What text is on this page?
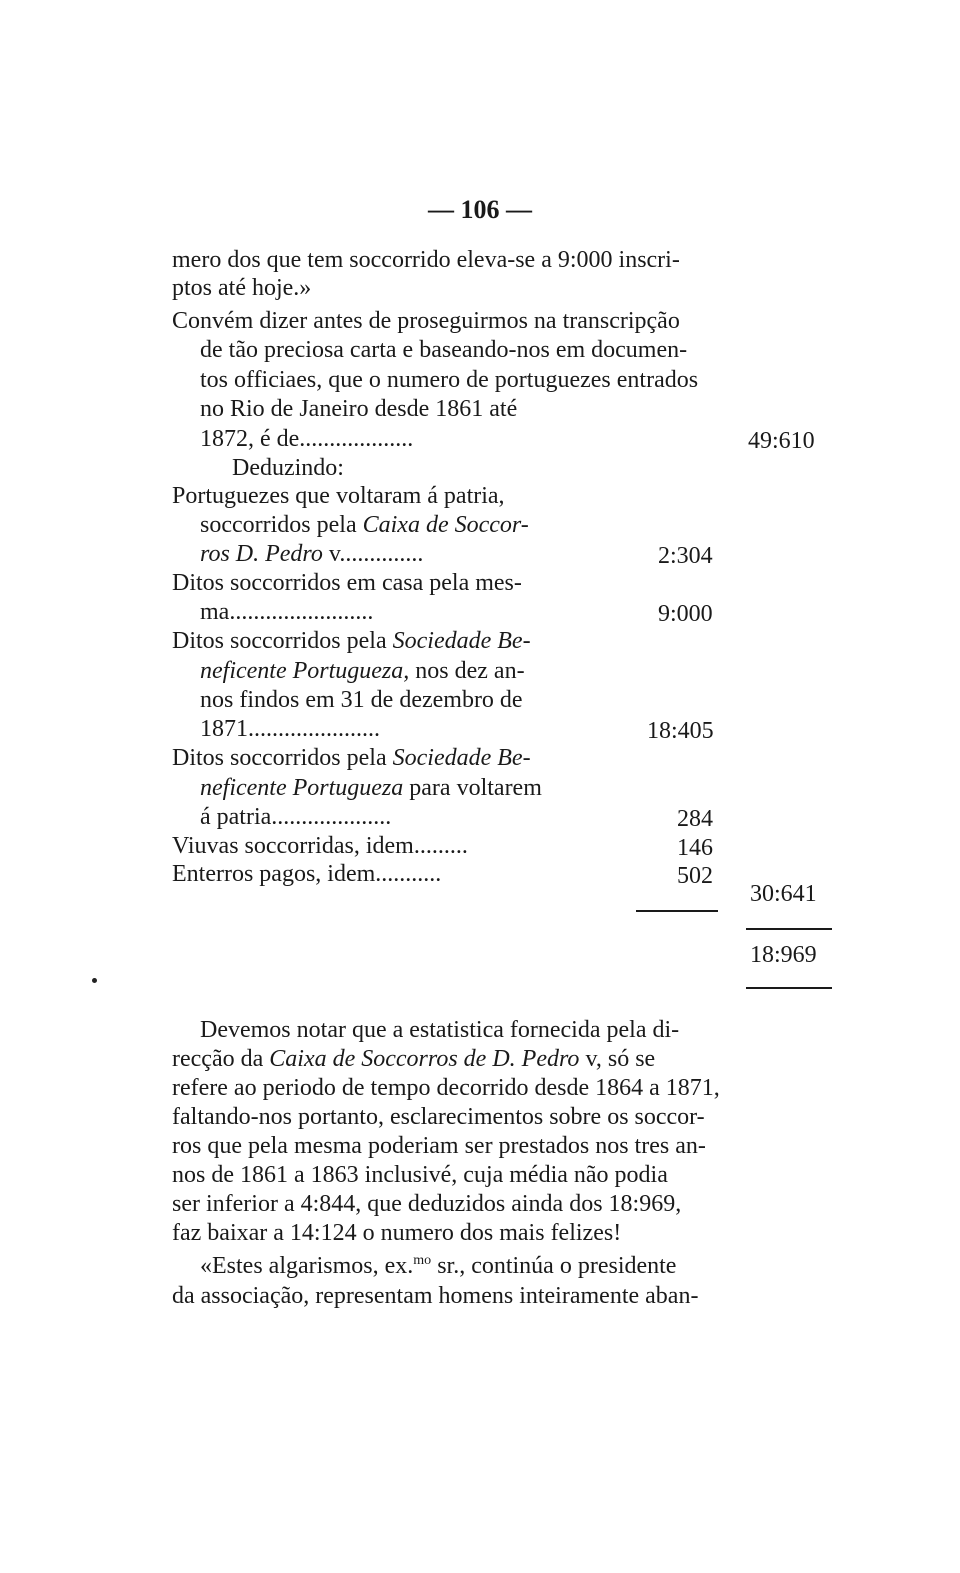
— 106 —
mero dos que tem soccorrido eleva-se a 9:000 inscri-
ptos até hoje.»
Convém dizer antes de proseguirmos na transcripção
de tão preciosa carta e baseando-nos em documen-
tos officiaes, que o numero de portuguezes entrados
no Rio de Janeiro desde 1861 até
1872, é de...................	49:610
Deduzindo:
Portuguezes que voltaram á patria,
soccorridos pela Caixa de Soccor-
ros D. Pedro v..............	2:304
Ditos soccorridos em casa pela mes-
ma........................	9:000
Ditos soccorridos pela Sociedade Be-
neficente Portugueza, nos dez an-
nos findos em 31 de dezembro de
1871......................	18:405
Ditos soccorridos pela Sociedade Be-
neficente Portugueza para voltarem
á patria....................	284
Viuvas soccorridas, idem.........	146
Enterros pagos, idem...........	502
30:641
18:969
Devemos notar que a estatistica fornecida pela di-
recção da Caixa de Soccorros de D. Pedro v, só se
refere ao periodo de tempo decorrido desde 1864 a 1871,
faltando-nos portanto, esclarecimentos sobre os soccor-
ros que pela mesma poderiam ser prestados nos tres an-
nos de 1861 a 1863 inclusivé, cuja média não podia
ser inferior a 4:844, que deduzidos ainda dos 18:969,
faz baixar a 14:124 o numero dos mais felizes!
«Estes algarismos, ex.$^{mo}$ sr., continúa o presidente
da associação, representam homens inteiramente aban-
